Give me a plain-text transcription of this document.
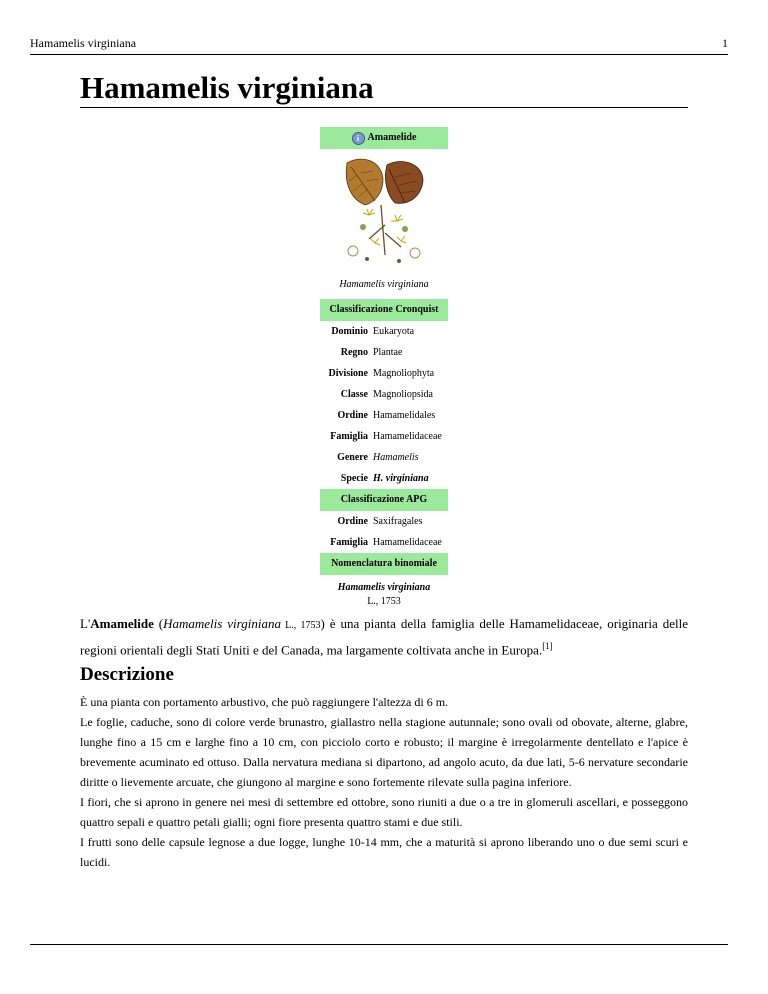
Hamamelis virginiana	1
Hamamelis virginiana
i Amamelide
Hamamelis virginiana
Classificazione Cronquist
Dominio Eukaryota
Regno Plantae
Divisione Magnoliophyta
Classe Magnoliopsida
Ordine Hamamelidales
Famiglia Hamamelidaceae
Genere Hamamelis
Specie H. virginiana
Classificazione APG
Ordine Saxifragales
Famiglia Hamamelidaceae
Nomenclatura binomiale
Hamamelis virginiana
L., 1753

L'Amamelide (Hamamelis virginiana L., 1753) è una pianta della famiglia delle Hamamelidaceae, originaria delle regioni orientali degli Stati Uniti e del Canada, ma largamente coltivata anche in Europa.[1]

Descrizione

È una pianta con portamento arbustivo, che può raggiungere l'altezza di 6 m.

Le foglie, caduche, sono di colore verde brunastro, giallastro nella stagione autunnale; sono ovali od obovate, alterne, glabre, lunghe fino a 15 cm e larghe fino a 10 cm, con picciolo corto e robusto; il margine è irregolarmente dentellato e l'apice è brevemente acuminato ed ottuso. Dalla nervatura mediana si dipartono, ad angolo acuto, da due lati, 5-6 nervature secondarie diritte o lievemente arcuate, che giungono al margine e sono fortemente rilevate sulla pagina inferiore.

I fiori, che si aprono in genere nei mesi di settembre ed ottobre, sono riuniti a due o a tre in glomeruli ascellari, e posseggono quattro sepali e quattro petali gialli; ogni fiore presenta quattro stami e due stili.

I frutti sono delle capsule legnose a due logge, lunghe 10-14 mm, che a maturità si aprono liberando uno o due semi scuri e lucidi.
